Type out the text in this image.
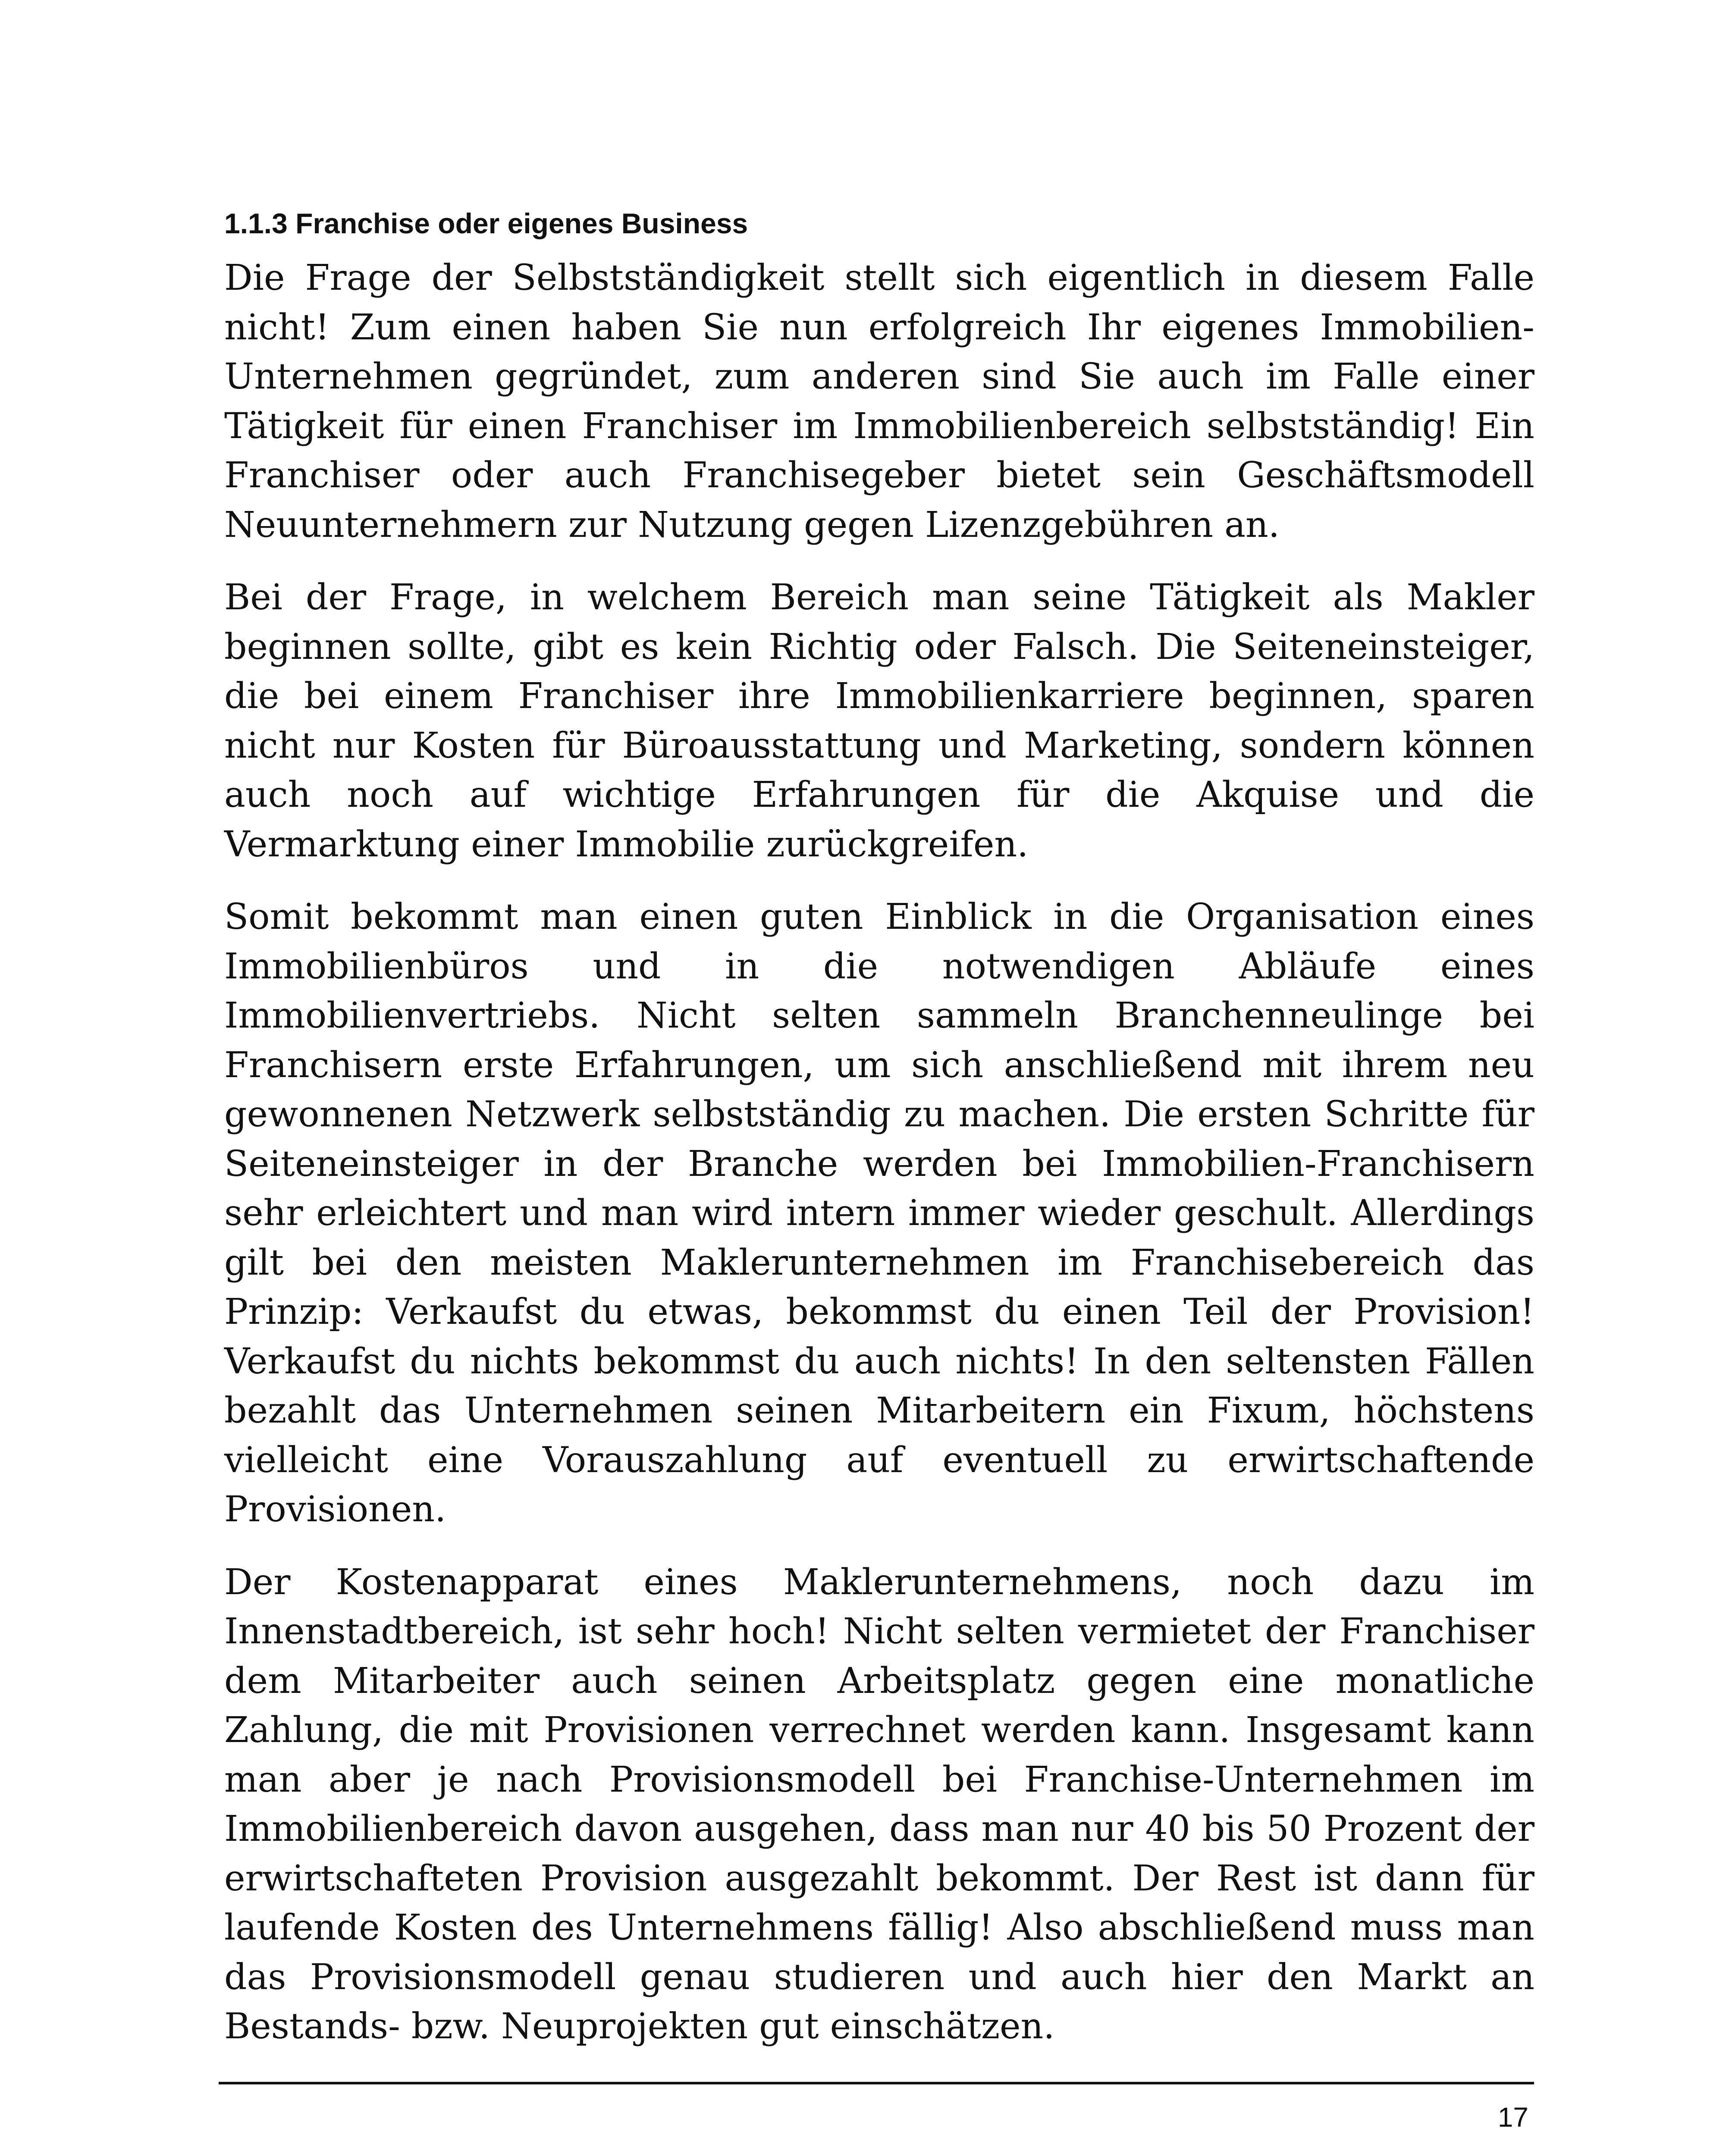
1.1.3 Franchise oder eigenes Business

Die Frage der Selbstständigkeit stellt sich eigentlich in diesem Falle nicht! Zum einen haben Sie nun erfolgreich Ihr eigenes Immobilien-Unternehmen gegründet, zum anderen sind Sie auch im Falle einer Tätigkeit für einen Franchiser im Immobilienbereich selbstständig! Ein Franchiser oder auch Franchisegeber bietet sein Geschäftsmodell Neuunternehmern zur Nutzung gegen Lizenzgebühren an.

Bei der Frage, in welchem Bereich man seine Tätigkeit als Makler beginnen sollte, gibt es kein Richtig oder Falsch. Die Seiteneinsteiger, die bei einem Franchiser ihre Immobilienkarriere beginnen, sparen nicht nur Kosten für Büroausstattung und Marketing, sondern können auch noch auf wichtige Erfahrungen für die Akquise und die Vermarktung einer Immobilie zurückgreifen.

Somit bekommt man einen guten Einblick in die Organisation eines Immobilienbüros und in die notwendigen Abläufe eines Immobilienvertriebs. Nicht selten sammeln Branchenneulinge bei Franchisern erste Erfahrungen, um sich anschließend mit ihrem neu gewonnenen Netzwerk selbstständig zu machen. Die ersten Schritte für Seiteneinsteiger in der Branche werden bei Immobilien-Franchisern sehr erleichtert und man wird intern immer wieder geschult. Allerdings gilt bei den meisten Maklerunternehmen im Franchisebereich das Prinzip: Verkaufst du etwas, bekommst du einen Teil der Provision! Verkaufst du nichts bekommst du auch nichts! In den seltensten Fällen bezahlt das Unternehmen seinen Mitarbeitern ein Fixum, höchstens vielleicht eine Vorauszahlung auf eventuell zu erwirtschaftende Provisionen.

Der Kostenapparat eines Maklerunternehmens, noch dazu im Innenstadtbereich, ist sehr hoch! Nicht selten vermietet der Franchiser dem Mitarbeiter auch seinen Arbeitsplatz gegen eine monatliche Zahlung, die mit Provisionen verrechnet werden kann. Insgesamt kann man aber je nach Provisionsmodell bei Franchise-Unternehmen im Immobilienbereich davon ausgehen, dass man nur 40 bis 50 Prozent der erwirtschafteten Provision ausgezahlt bekommt. Der Rest ist dann für laufende Kosten des Unternehmens fällig! Also abschließend muss man das Provisionsmodell genau studieren und auch hier den Markt an Bestands- bzw. Neuprojekten gut einschätzen.

17
